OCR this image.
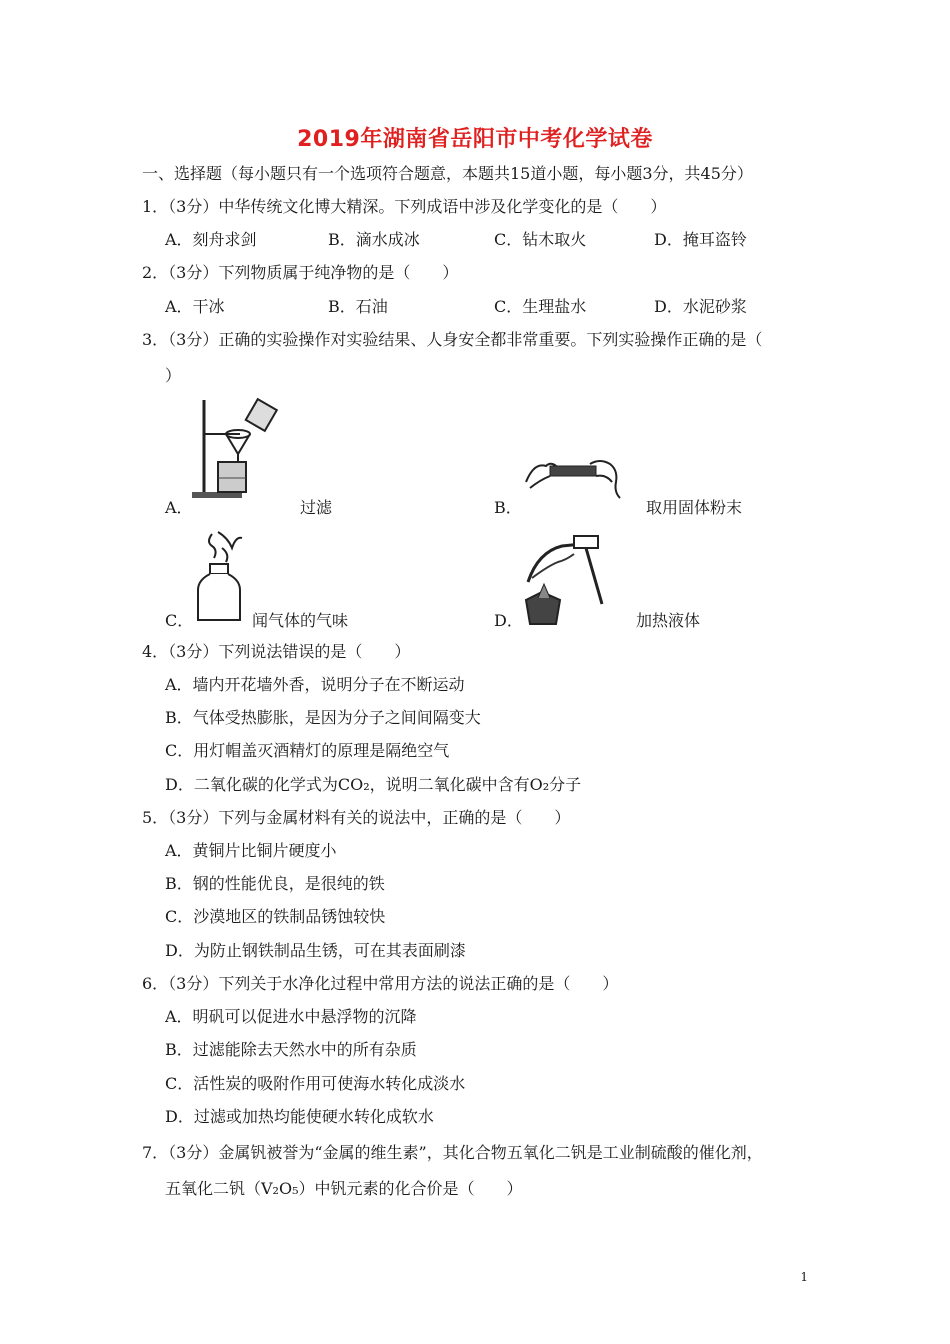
2019年湖南省岳阳市中考化学试卷
一、选择题（每小题只有一个选项符合题意，本题共15道小题，每小题3分，共45分）
1．（3分）中华传统文化博大精深。下列成语中涉及化学变化的是（　　）
A．刻舟求剑	B．滴水成冰	C．钻木取火	D．掩耳盗铃
2．（3分）下列物质属于纯净物的是（　　）
A．干冰	B．石油	C．生理盐水	D．水泥砂浆
3．（3分）正确的实验操作对实验结果、人身安全都非常重要。下列实验操作正确的是（
）
A．	过滤	B．	取用固体粉末
C．	闻气体的气味	D．	加热液体
4．（3分）下列说法错误的是（　　）
A．墙内开花墙外香，说明分子在不断运动
B．气体受热膨胀，是因为分子之间间隔变大
C．用灯帽盖灭酒精灯的原理是隔绝空气
D．二氧化碳的化学式为CO₂，说明二氧化碳中含有O₂分子
5．（3分）下列与金属材料有关的说法中，正确的是（　　）
A．黄铜片比铜片硬度小
B．钢的性能优良，是很纯的铁
C．沙漠地区的铁制品锈蚀较快
D．为防止钢铁制品生锈，可在其表面刷漆
6．（3分）下列关于水净化过程中常用方法的说法正确的是（　　）
A．明矾可以促进水中悬浮物的沉降
B．过滤能除去天然水中的所有杂质
C．活性炭的吸附作用可使海水转化成淡水
D．过滤或加热均能使硬水转化成软水
7．（3分）金属钒被誉为“金属的维生素”，其化合物五氧化二钒是工业制硫酸的催化剂，
五氧化二钒（V₂O₅）中钒元素的化合价是（　　）
1
